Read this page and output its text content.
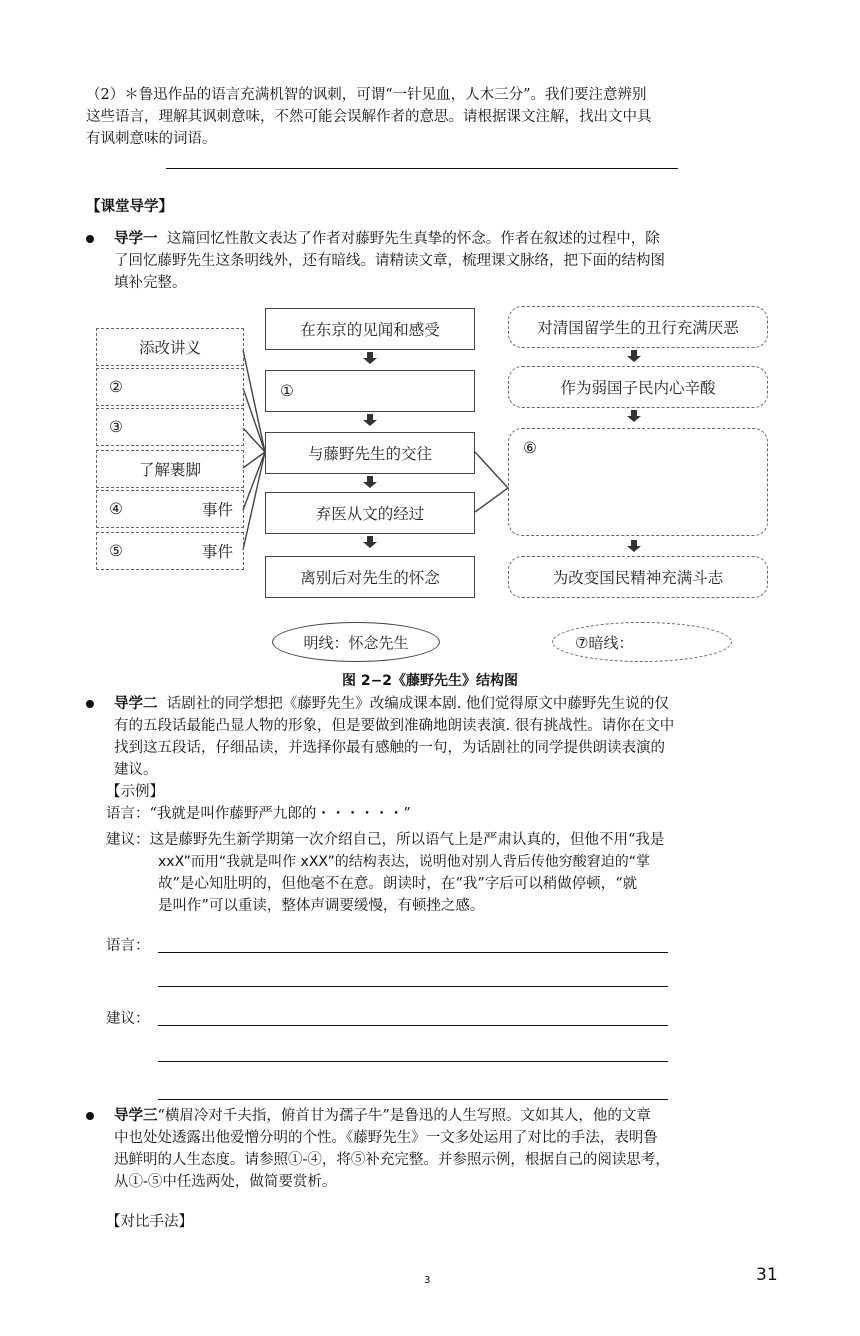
（2）＊鲁迅作品的语言充满机智的讽刺，可谓“一针见血，人木三分”。我们要注意辨别
这些语言，理解其讽刺意味，不然可能会误解作者的意思。请根据课文注解，找出文中具
有讽刺意味的词语。
【课堂导学】
导学一 这篇回忆性散文表达了作者对藤野先生真挚的怀念。作者在叙述的过程中，除
了回忆藤野先生这条明线外，还有暗线。请精读文章，梳理课文脉络，把下面的结构图
填补完整。
添改讲义
②
③
了解裹脚
④	事件
⑤	事件
在东京的见闻和感受
①
与藤野先生的交往
弃医从文的经过
离别后对先生的怀念
对清国留学生的丑行充满厌恶
作为弱国子民内心辛酸
⑥
为改变国民精神充满斗志
明线：怀念先生	⑦暗线：
图 2−2《藤野先生》结构图
导学二 话剧社的同学想把《藤野先生》改编成课本剧. 他们觉得原文中藤野先生说的仅
有的五段话最能凸显人物的形象，但是要做到准确地朗读表演. 很有挑战性。请你在文中
找到这五段话，仔细品读，并选择你最有感触的一句，为话剧社的同学提供朗读表演的
建议。
【示例】
语言：“我就是叫作藤野严九郎的・・・・・・”
建议：这是藤野先生新学期第一次介绍自己，所以语气上是严肃认真的，但他不用“我是
xxX”而用“我就是叫作 xXX”的结构表达，说明他对别人背后传他穷酸窘迫的“掌
故”是心知肚明的，但他毫不在意。朗读时，在“我”字后可以稍做停顿，“就
是叫作”可以重读，整体声调要缓慢，有顿挫之感。
语言：
建议：
导学三“横眉冷对千夫指，俯首甘为孺子牛”是鲁迅的人生写照。文如其人，他的文章
中也处处透露出他爱憎分明的个性。《藤野先生》一文多处运用了对比的手法，表明鲁
迅鲜明的人生态度。请参照①-④，将⑤补充完整。并参照示例，根据自己的阅读思考，
从①-⑤中任选两处，做简要赏析。
【对比手法】
3	31
